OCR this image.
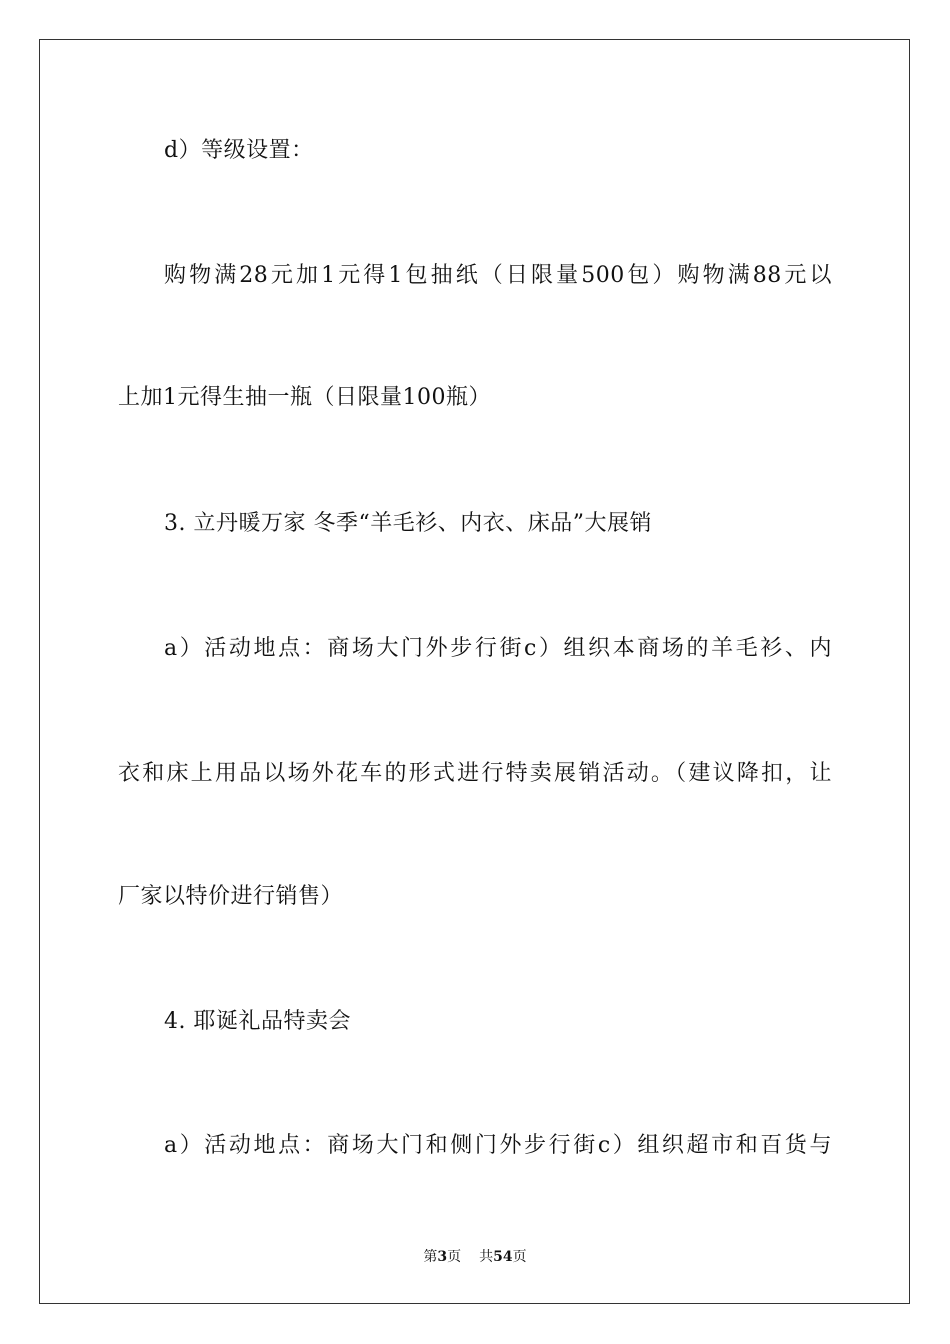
d）等级设置：
购物满28元加1元得1包抽纸（日限量500包）购物满88元以
上加1元得生抽一瓶（日限量100瓶）
3. 立丹暖万家 冬季“羊毛衫、内衣、床品”大展销
a）活动地点：商场大门外步行街c）组织本商场的羊毛衫、内
衣和床上用品以场外花车的形式进行特卖展销活动。（建议降扣，让
厂家以特价进行销售）
4. 耶诞礼品特卖会
a）活动地点：商场大门和侧门外步行街c）组织超市和百货与
第3页 共54页
